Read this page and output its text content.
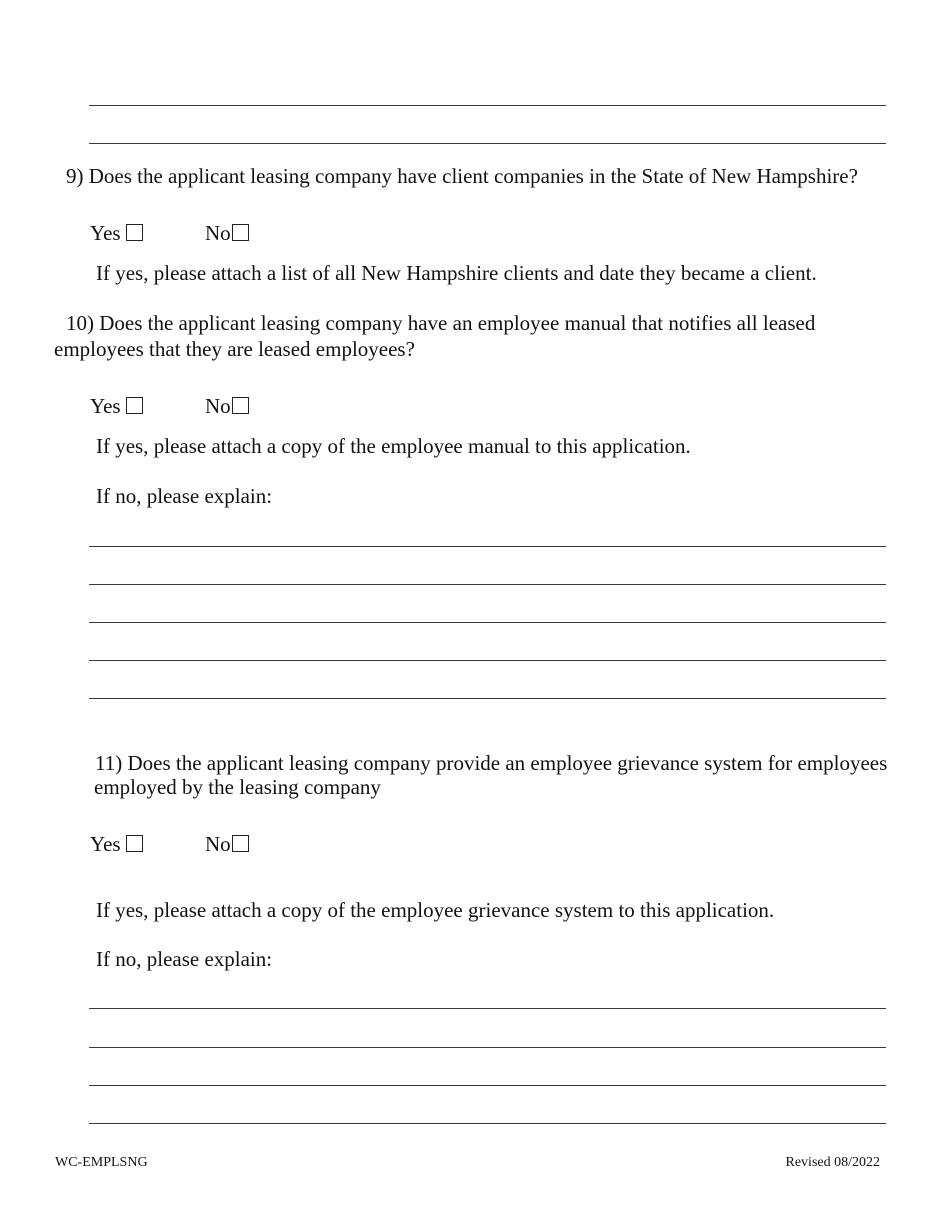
9) Does the applicant leasing company have client companies in the State of New Hampshire?
Yes	No
If yes, please attach a list of all New Hampshire clients and date they became a client.
10) Does the applicant leasing company have an employee manual that notifies all leased
employees that they are leased employees?
Yes	No
If yes, please attach a copy of the employee manual to this application.
If no, please explain:
11) Does the applicant leasing company provide an employee grievance system for employees
employed by the leasing company
Yes	No
If yes, please attach a copy of the employee grievance system to this application.
If no, please explain:
WC-EMPLSNG	Revised 08/2022
